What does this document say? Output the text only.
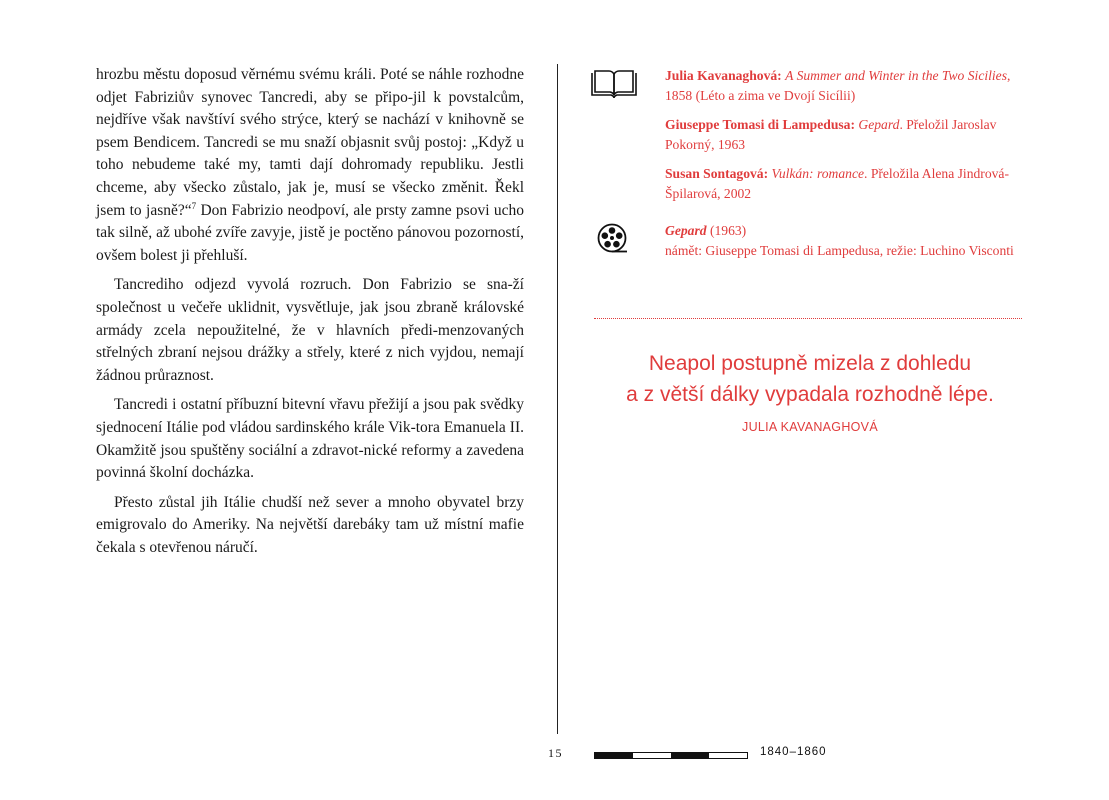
hrozbu městu doposud věrnému svému králi. Poté se náhle rozhodne odjet Fabriziův synovec Tancredi, aby se připo-jil k povstalcům, nejdříve však navštíví svého strýce, který se nachází v knihovně se psem Bendicem. Tancredi se mu snaží objasnit svůj postoj: „Když u toho nebudeme také my, tamti dají dohromady republiku. Jestli chceme, aby všecko zůstalo, jak je, musí se všecko změnit. Řekl jsem to jasně?“$^7$ Don Fabrizio neodpoví, ale prsty zamne psovi ucho tak silně, až ubohé zvíře zavyje, jistě je poctěno pánovou pozorností, ovšem bolest ji přehluší.

Tancrediho odjezd vyvolá rozruch. Don Fabrizio se sna-ží společnost u večeře uklidnit, vysvětluje, jak jsou zbraně královské armády zcela nepoužitelné, že v hlavních předi-menzovaných střelných zbraní nejsou drážky a střely, které z nich vyjdou, nemají žádnou průraznost.

Tancredi i ostatní příbuzní bitevní vřavu přežijí a jsou pak svědky sjednocení Itálie pod vládou sardinského krále Vik-tora Emanuela II. Okamžitě jsou spuštěny sociální a zdravot-nické reformy a zavedena povinná školní docházka.

Přesto zůstal jih Itálie chudší než sever a mnoho obyvatel brzy emigrovalo do Ameriky. Na největší darebáky tam už místní mafie čekala s otevřenou náručí.

Julia Kavanaghová: A Summer and Winter in the Two Sicilies, 1858 (Léto a zima ve Dvojí Sicílii)

Giuseppe Tomasi di Lampedusa: Gepard. Přeložil Jaroslav Pokorný, 1963

Susan Sontagová: Vulkán: romance. Přeložila Alena Jindrová-Špilarová, 2002

Gepard (1963)
námět: Giuseppe Tomasi di Lampedusa, režie: Luchino Visconti

Neapol postupně mizela z dohledu
a z větší dálky vypadala rozhodně lépe.
JULIA KAVANAGHOVÁ
15	1840–1860
